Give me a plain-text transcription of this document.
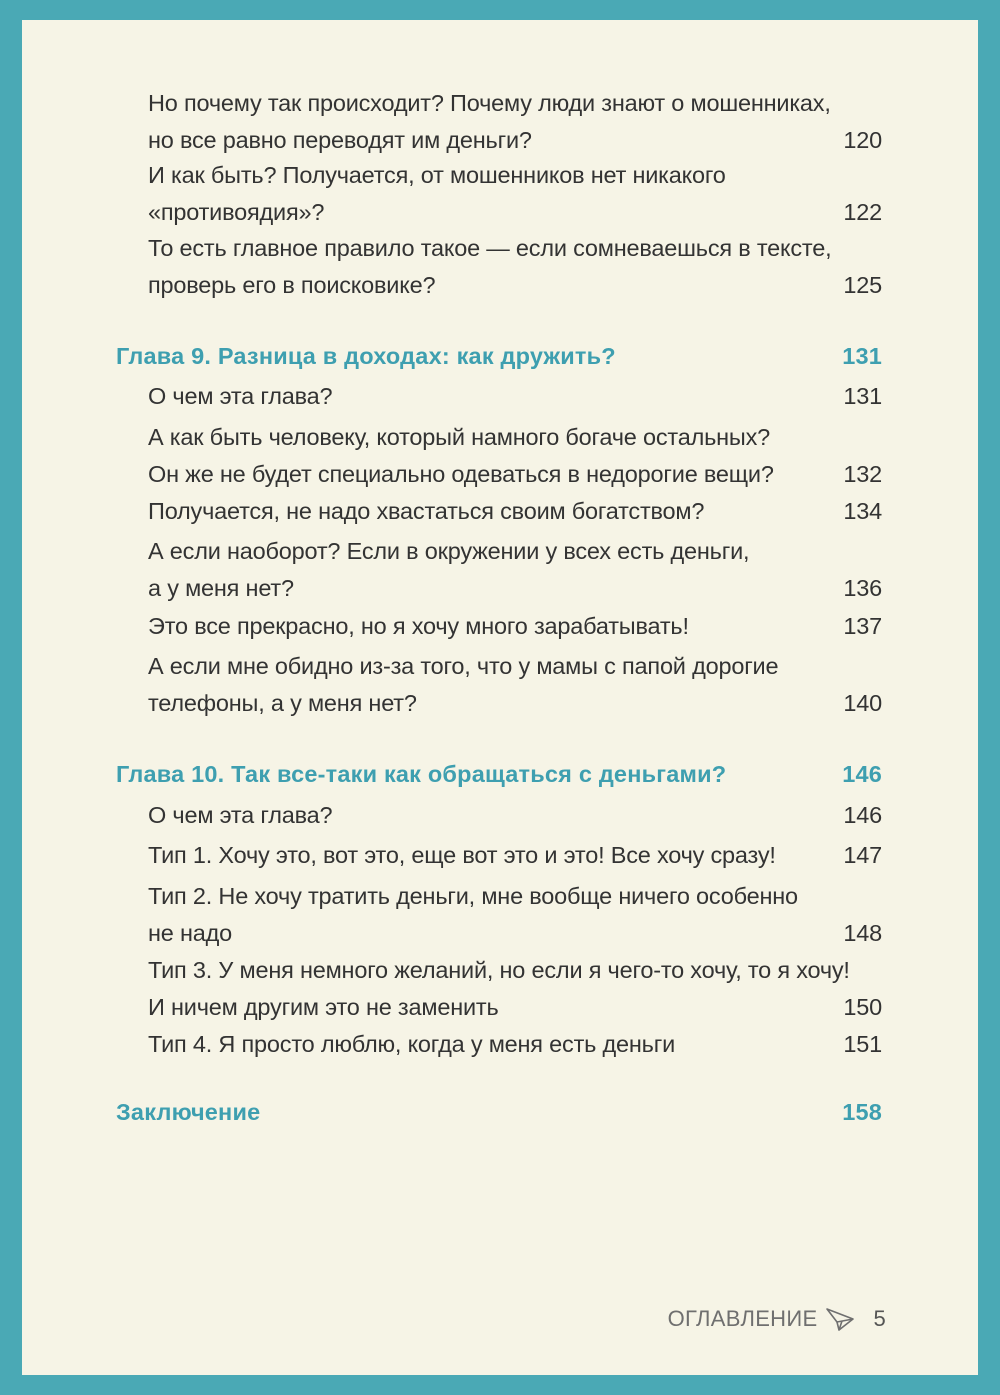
Но почему так происходит? Почему люди знают о мошенниках,
но все равно переводят им деньги?	120
И как быть? Получается, от мошенников нет никакого
«противоядия»?	122
То есть главное правило такое — если сомневаешься в тексте,
проверь его в поисковике?	125
Глава 9. Разница в доходах: как дружить?	131
О чем эта глава?	131
А как быть человеку, который намного богаче остальных?
Он же не будет специально одеваться в недорогие вещи?	132
Получается, не надо хвастаться своим богатством?	134
А если наоборот? Если в окружении у всех есть деньги,
а у меня нет?	136
Это все прекрасно, но я хочу много зарабатывать!	137
А если мне обидно из-за того, что у мамы с папой дорогие
телефоны, а у меня нет?	140
Глава 10. Так все-таки как обращаться с деньгами?	146
О чем эта глава?	146
Тип 1. Хочу это, вот это, еще вот это и это! Все хочу сразу!	147
Тип 2. Не хочу тратить деньги, мне вообще ничего особенно
не надо	148
Тип 3. У меня немного желаний, но если я чего-то хочу, то я хочу!
И ничем другим это не заменить	150
Тип 4. Я просто люблю, когда у меня есть деньги	151
Заключение	158
ОГЛАВЛЕНИЕ	5
